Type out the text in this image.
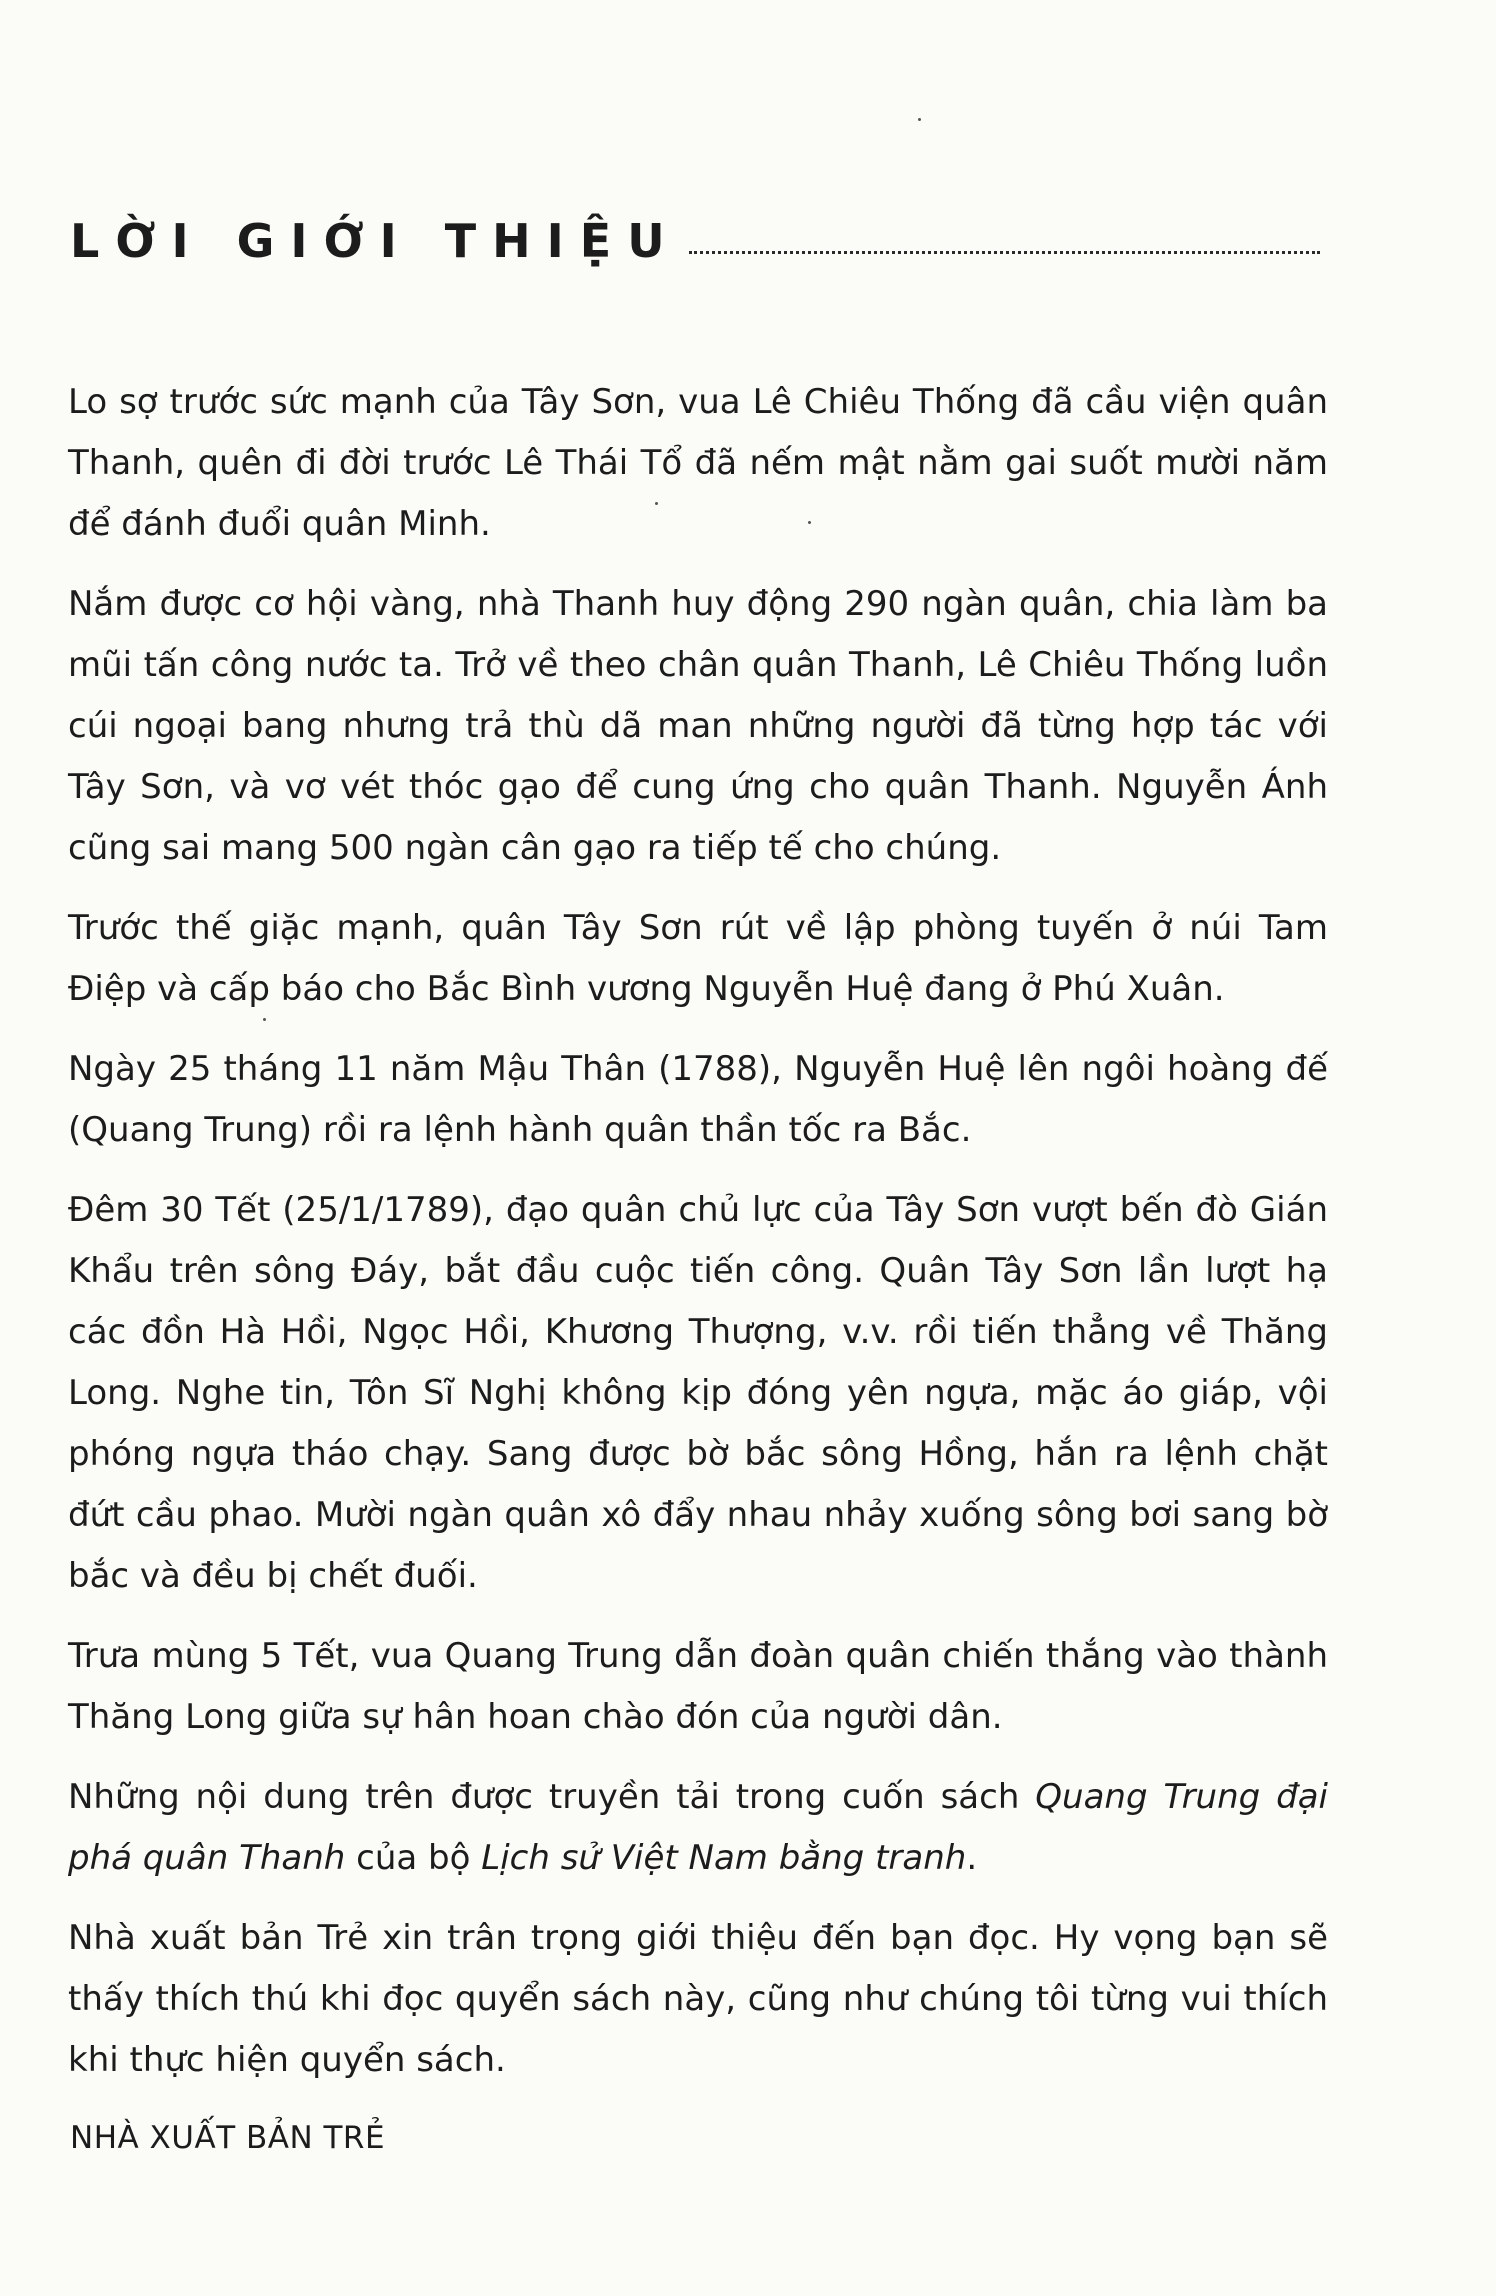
LỜI GIỚI THIỆU

Lo sợ trước sức mạnh của Tây Sơn, vua Lê Chiêu Thống đã cầu viện quân Thanh, quên đi đời trước Lê Thái Tổ đã nếm mật nằm gai suốt mười năm để đánh đuổi quân Minh.

Nắm được cơ hội vàng, nhà Thanh huy động 290 ngàn quân, chia làm ba mũi tấn công nước ta. Trở về theo chân quân Thanh, Lê Chiêu Thống luồn cúi ngoại bang nhưng trả thù dã man những người đã từng hợp tác với Tây Sơn, và vơ vét thóc gạo để cung ứng cho quân Thanh. Nguyễn Ánh cũng sai mang 500 ngàn cân gạo ra tiếp tế cho chúng.

Trước thế giặc mạnh, quân Tây Sơn rút về lập phòng tuyến ở núi Tam Điệp và cấp báo cho Bắc Bình vương Nguyễn Huệ đang ở Phú Xuân.

Ngày 25 tháng 11 năm Mậu Thân (1788), Nguyễn Huệ lên ngôi hoàng đế (Quang Trung) rồi ra lệnh hành quân thần tốc ra Bắc.

Đêm 30 Tết (25/1/1789), đạo quân chủ lực của Tây Sơn vượt bến đò Gián Khẩu trên sông Đáy, bắt đầu cuộc tiến công. Quân Tây Sơn lần lượt hạ các đồn Hà Hồi, Ngọc Hồi, Khương Thượng, v.v. rồi tiến thẳng về Thăng Long. Nghe tin, Tôn Sĩ Nghị không kịp đóng yên ngựa, mặc áo giáp, vội phóng ngựa tháo chạy. Sang được bờ bắc sông Hồng, hắn ra lệnh chặt đứt cầu phao. Mười ngàn quân xô đẩy nhau nhảy xuống sông bơi sang bờ bắc và đều bị chết đuối.

Trưa mùng 5 Tết, vua Quang Trung dẫn đoàn quân chiến thắng vào thành Thăng Long giữa sự hân hoan chào đón của người dân.

Những nội dung trên được truyền tải trong cuốn sách Quang Trung đại phá quân Thanh của bộ Lịch sử Việt Nam bằng tranh.

Nhà xuất bản Trẻ xin trân trọng giới thiệu đến bạn đọc. Hy vọng bạn sẽ thấy thích thú khi đọc quyển sách này, cũng như chúng tôi từng vui thích khi thực hiện quyển sách.

NHÀ XUẤT BẢN TRẺ
